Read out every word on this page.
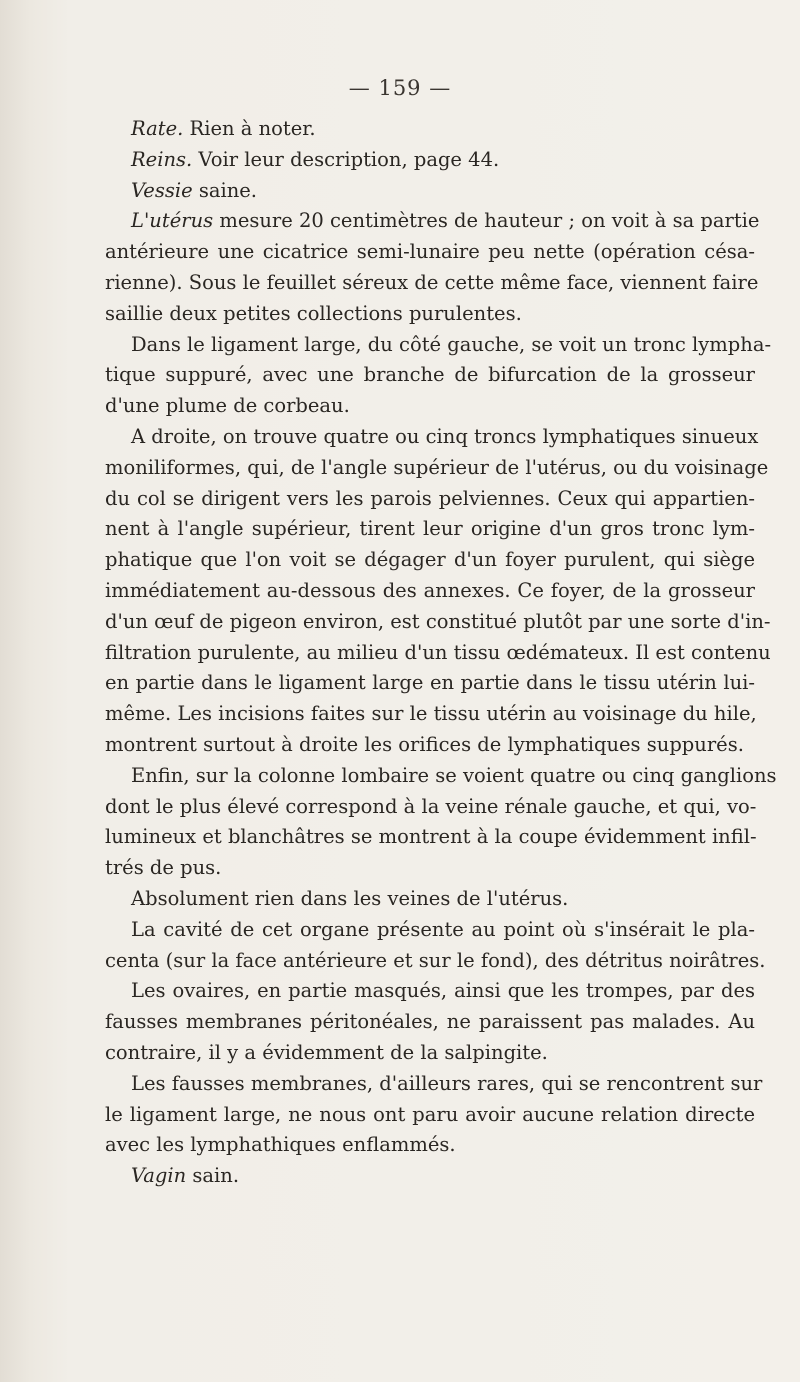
— 159 —

Rate. Rien à noter.

Reins. Voir leur description, page 44.

Vessie saine.

L'utérus mesure 20 centimètres de hauteur ; on voit à sa partie
antérieure une cicatrice semi-lunaire peu nette (opération césa-
rienne). Sous le feuillet séreux de cette même face, viennent faire
saillie deux petites collections purulentes.
Dans le ligament large, du côté gauche, se voit un tronc lympha-
tique suppuré, avec une branche de bifurcation de la grosseur
d'une plume de corbeau.
A droite, on trouve quatre ou cinq troncs lymphatiques sinueux
moniliformes, qui, de l'angle supérieur de l'utérus, ou du voisinage
du col se dirigent vers les parois pelviennes. Ceux qui appartien-
nent à l'angle supérieur, tirent leur origine d'un gros tronc lym-
phatique que l'on voit se dégager d'un foyer purulent, qui siège
immédiatement au-dessous des annexes. Ce foyer, de la grosseur
d'un œuf de pigeon environ, est constitué plutôt par une sorte d'in-
filtration purulente, au milieu d'un tissu œdémateux. Il est contenu
en partie dans le ligament large en partie dans le tissu utérin lui-
même. Les incisions faites sur le tissu utérin au voisinage du hile,
montrent surtout à droite les orifices de lymphatiques suppurés.
Enfin, sur la colonne lombaire se voient quatre ou cinq ganglions
dont le plus élevé correspond à la veine rénale gauche, et qui, vo-
lumineux et blanchâtres se montrent à la coupe évidemment infil-
trés de pus.
Absolument rien dans les veines de l'utérus.
La cavité de cet organe présente au point où s'insérait le pla-
centa (sur la face antérieure et sur le fond), des détritus noirâtres.
Les ovaires, en partie masqués, ainsi que les trompes, par des
fausses membranes péritonéales, ne paraissent pas malades. Au
contraire, il y a évidemment de la salpingite.
Les fausses membranes, d'ailleurs rares, qui se rencontrent sur
le ligament large, ne nous ont paru avoir aucune relation directe
avec les lymphathiques enflammés.

Vagin sain.
